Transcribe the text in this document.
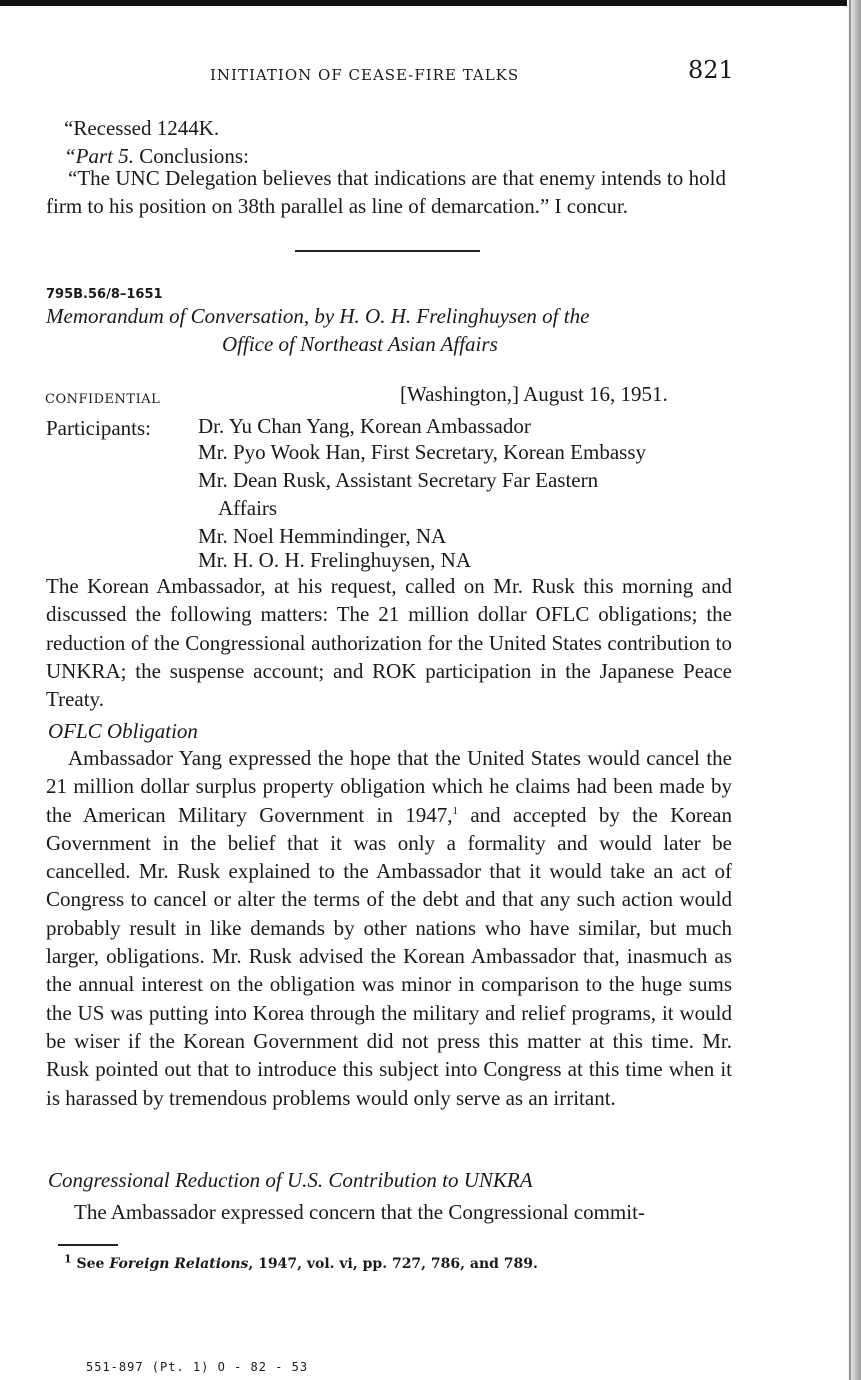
INITIATION OF CEASE-FIRE TALKS	821
“Recessed 1244K.
“Part 5. Conclusions:
“The UNC Delegation believes that indications are that enemy intends to hold firm to his position on 38th parallel as line of demarcation.” I concur.
795B.56/8–1651
Memorandum of Conversation, by H. O. H. Frelinghuysen of the
Office of Northeast Asian Affairs
CONFIDENTIAL	[Washington,] August 16, 1951.
Participants: Dr. Yu Chan Yang, Korean Ambassador
Mr. Pyo Wook Han, First Secretary, Korean Embassy
Mr. Dean Rusk, Assistant Secretary Far Eastern
Affairs
Mr. Noel Hemmindinger, NA
Mr. H. O. H. Frelinghuysen, NA
The Korean Ambassador, at his request, called on Mr. Rusk this morning and discussed the following matters: The 21 million dollar OFLC obligations; the reduction of the Congressional authorization for the United States contribution to UNKRA; the suspense account; and ROK participation in the Japanese Peace Treaty.
OFLC Obligation
Ambassador Yang expressed the hope that the United States would cancel the 21 million dollar surplus property obligation which he claims had been made by the American Military Government in 1947,$^1$ and accepted by the Korean Government in the belief that it was only a formality and would later be cancelled. Mr. Rusk explained to the Ambassador that it would take an act of Congress to cancel or alter the terms of the debt and that any such action would probably result in like demands by other nations who have similar, but much larger, obligations. Mr. Rusk advised the Korean Ambassador that, inasmuch as the annual interest on the obligation was minor in comparison to the huge sums the US was putting into Korea through the military and relief programs, it would be wiser if the Korean Government did not press this matter at this time. Mr. Rusk pointed out that to introduce this subject into Congress at this time when it is harassed by tremendous problems would only serve as an irritant.
Congressional Reduction of U.S. Contribution to UNKRA
The Ambassador expressed concern that the Congressional commit-
$^1$ See Foreign Relations, 1947, vol. vi, pp. 727, 786, and 789.
551-897 (Pt. 1) O - 82 - 53
